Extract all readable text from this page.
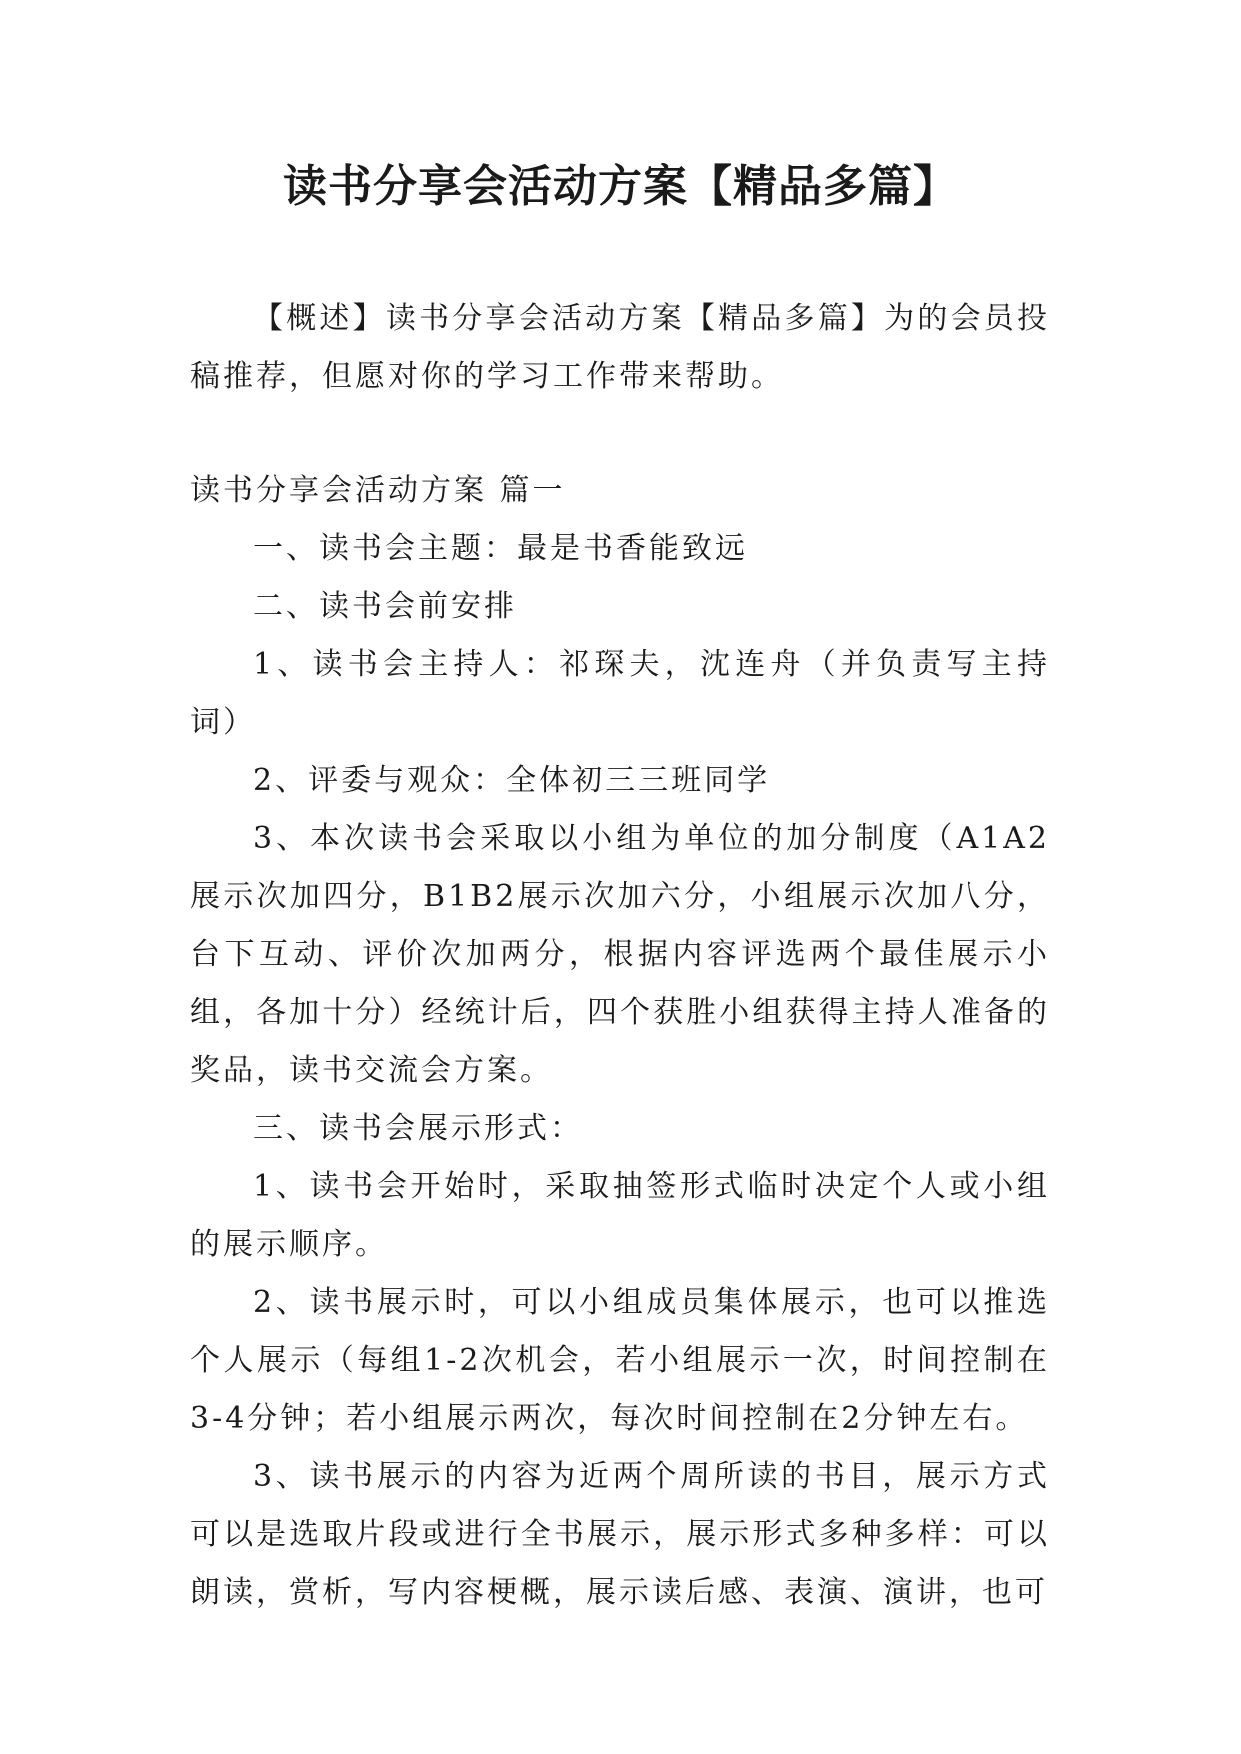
读书分享会活动方案【精品多篇】

【概述】读书分享会活动方案【精品多篇】为的会员投稿推荐，但愿对你的学习工作带来帮助。

读书分享会活动方案 篇一

一、读书会主题：最是书香能致远

二、读书会前安排

1、读书会主持人：祁琛夫，沈连舟（并负责写主持词）

2、评委与观众：全体初三三班同学

3、本次读书会采取以小组为单位的加分制度（A1A2展示次加四分，B1B2展示次加六分，小组展示次加八分，台下互动、评价次加两分，根据内容评选两个最佳展示小组，各加十分）经统计后，四个获胜小组获得主持人准备的奖品，读书交流会方案。

三、读书会展示形式：

1、读书会开始时，采取抽签形式临时决定个人或小组的展示顺序。

2、读书展示时，可以小组成员集体展示，也可以推选个人展示（每组1-2次机会，若小组展示一次，时间控制在3-4分钟；若小组展示两次，每次时间控制在2分钟左右。

3、读书展示的内容为近两个周所读的书目，展示方式可以是选取片段或进行全书展示，展示形式多种多样：可以朗读，赏析，写内容梗概，展示读后感、表演、演讲，也可
